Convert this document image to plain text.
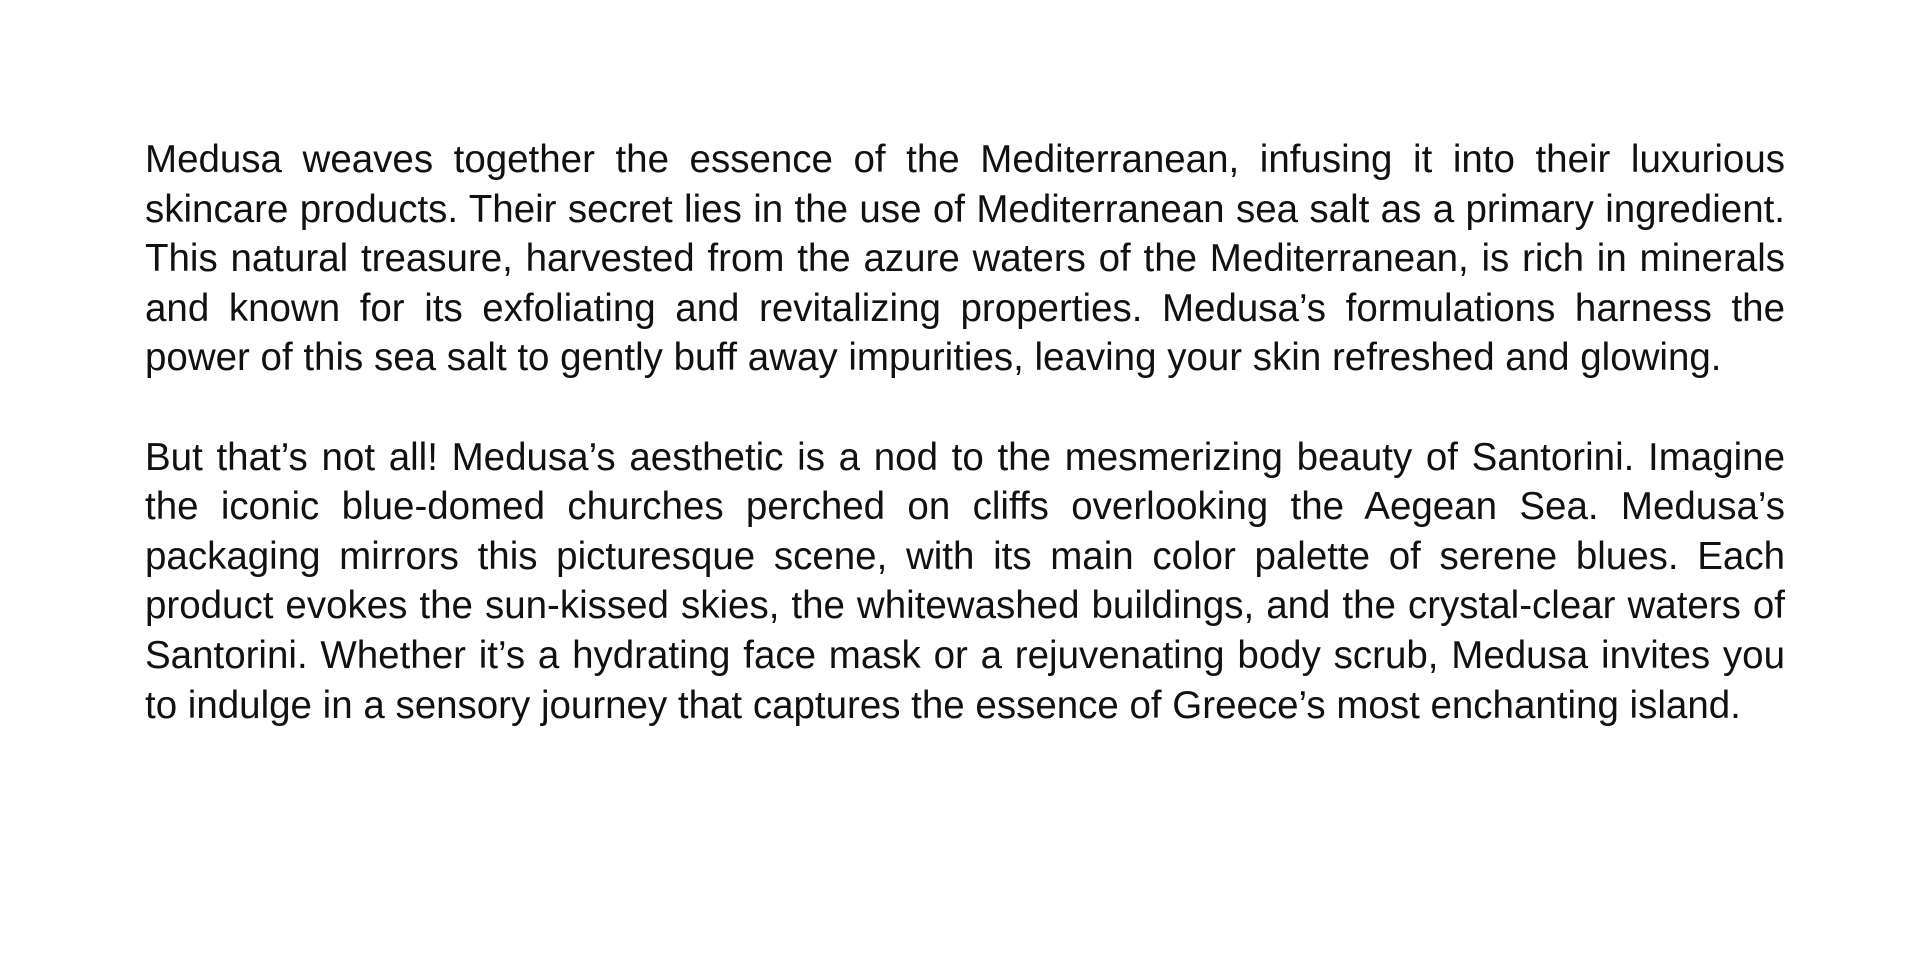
Medusa weaves together the essence of the Mediterranean, infusing it into their luxurious skincare products. Their secret lies in the use of Mediterranean sea salt as a primary ingredient. This natural treasure, harvested from the azure waters of the Mediterranean, is rich in minerals and known for its exfoliating and revitalizing properties. Medusa’s formulations harness the power of this sea salt to gently buff away impurities, leaving your skin refreshed and glowing.

But that’s not all! Medusa’s aesthetic is a nod to the mesmerizing beauty of Santorini. Imagine the iconic blue-domed churches perched on cliffs overlooking the Aegean Sea. Medusa’s packaging mirrors this picturesque scene, with its main color palette of serene blues. Each product evokes the sun-kissed skies, the whitewashed buildings, and the crystal-clear waters of Santorini. Whether it’s a hydrating face mask or a rejuvenating body scrub, Medusa invites you to indulge in a sensory journey that captures the essence of Greece’s most enchanting island.
